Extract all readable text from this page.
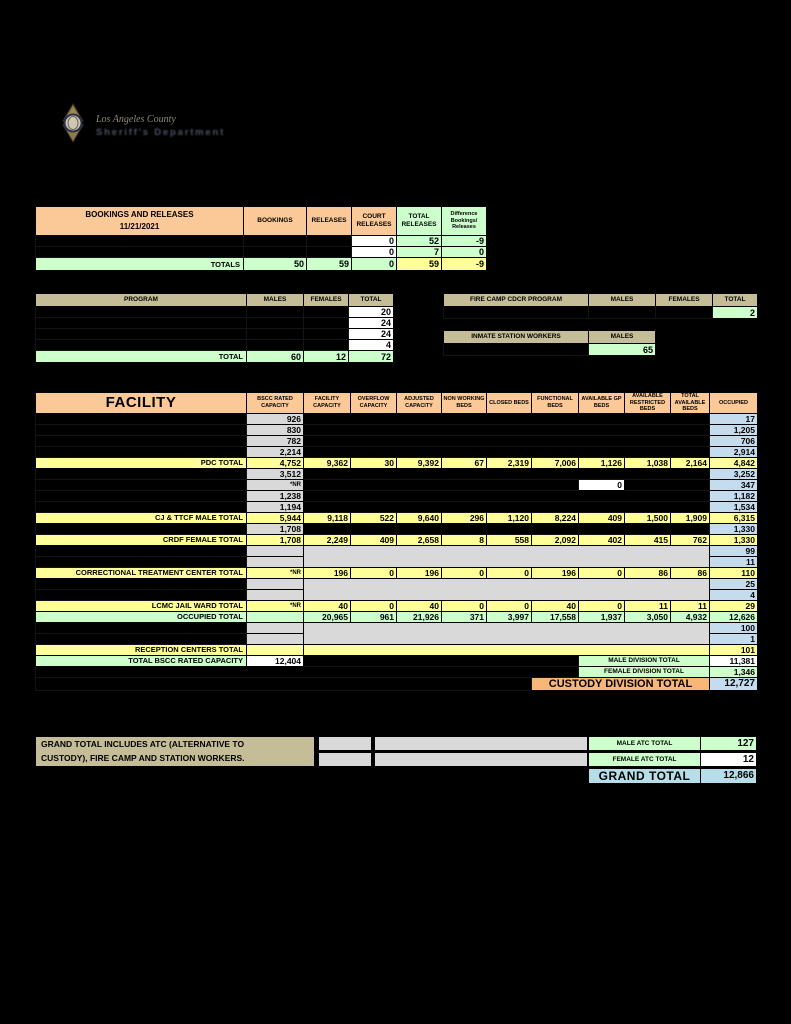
Los Angeles County
Sheriff's Department
BOOKINGS AND RELEASES
11/21/2021	BOOKINGS	RELEASES	COURT RELEASES	TOTAL RELEASES	Difference Bookings/ Releases
			0	52	-9
			0	7	0
TOTALS	50	59	0	59	-9
PROGRAM	MALES	FEMALES	TOTAL
			20
			24
			24
			4
TOTAL	60	12	72
FIRE CAMP CDCR PROGRAM	MALES	FEMALES	TOTAL
			2
INMATE STATION WORKERS	MALES
	65
FACILITY	BSCC RATED CAPACITY	FACILITY CAPACITY	OVERFLOW CAPACITY	ADJUSTED CAPACITY	NON WORKING BEDS	CLOSED BEDS	FUNCTIONAL BEDS	AVAILABLE GP BEDS	AVAILABLE RESTRICTED BEDS	TOTAL AVAILABLE BEDS	OCCUPIED
	926										17
	830										1,205
	782										706
	2,214										2,914
PDC TOTAL	4,752	9,362	30	9,392	67	2,319	7,006	1,126	1,038	2,164	4,842
	3,512										3,252
	*NR							0			347
	1,238										1,182
	1,194										1,534
CJ & TTCF MALE TOTAL	5,944	9,118	522	9,640	296	1,120	8,224	409	1,500	1,909	6,315
	1,708										1,330
CRDF FEMALE TOTAL	1,708	2,249	409	2,658	8	558	2,092	402	415	762	1,330
											99
											11
CORRECTIONAL TREATMENT CENTER TOTAL	*NR	196	0	196	0	0	196	0	86	86	110
											25
											4
LCMC JAIL WARD TOTAL	*NR	40	0	40	0	0	40	0	11	11	29
OCCUPIED TOTAL		20,965	961	21,926	371	3,997	17,558	1,937	3,050	4,932	12,626
											100
											1
RECEPTION CENTERS TOTAL											101
TOTAL BSCC RATED CAPACITY	12,404							MALE DIVISION TOTAL			11,381
								FEMALE DIVISION TOTAL			1,346
							CUSTODY DIVISION TOTAL				12,727
GRAND TOTAL INCLUDES ATC (ALTERNATIVE TO
CUSTODY), FIRE CAMP AND STATION WORKERS.
MALE ATC TOTAL	127
FEMALE ATC TOTAL	12
GRAND TOTAL	12,866
